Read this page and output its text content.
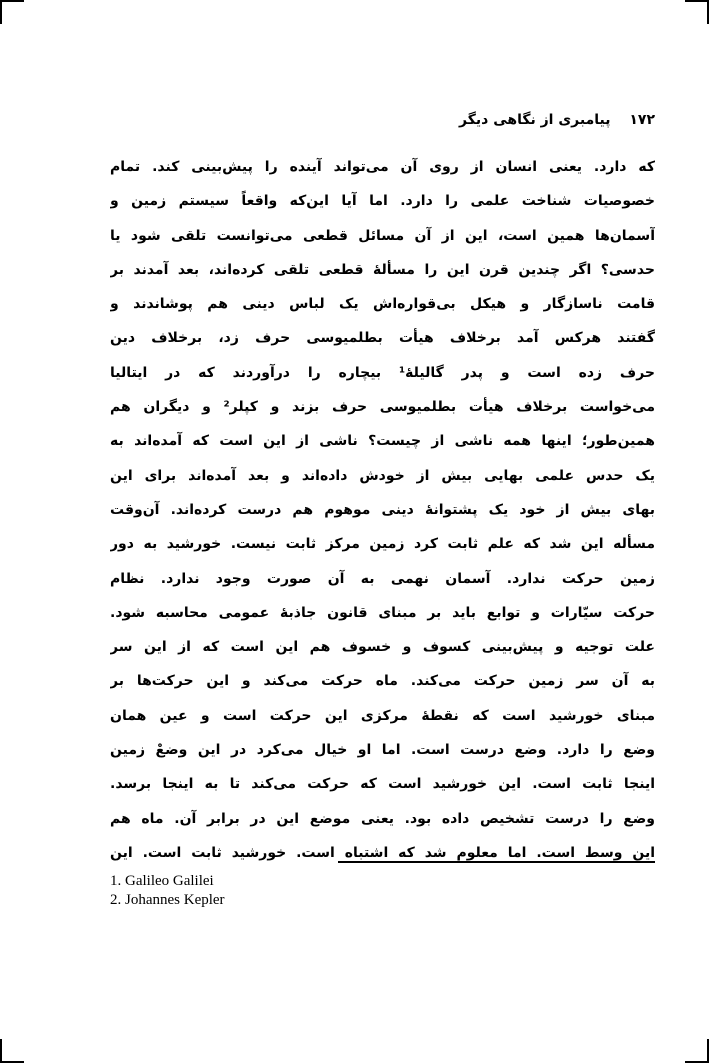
۱۷۲ پیامبری از نگاهی دیگر
که دارد. یعنی انسان از روی آن می‌تواند آینده را پیش‌بینی کند. تمام
خصوصیات شناخت علمی را دارد. اما آیا این‌که واقعاً سیستم زمین و
آسمان‌ها همین است، این از آن مسائل قطعی می‌توانست تلقی شود یا
حدسی؟ اگر چندین قرن این را مسألهٔ قطعی تلقی کرده‌اند، بعد آمدند بر
قامت ناسازگار و هیکل بی‌قواره‌اش یک لباس دینی هم پوشاندند و
گفتند هرکس آمد برخلاف هیأت بطلمیوسی حرف زد، برخلاف دین
حرف زده است و پدر گالیلهٔ¹ بیچاره را درآوردند که در ایتالیا
می‌خواست برخلاف هیأت بطلمیوسی حرف بزند و کپلر² و دیگران هم
همین‌طور؛ اینها همه ناشی از چیست؟ ناشی از این است که آمده‌اند به
یک حدس علمی بهایی بیش از خودش داده‌اند و بعد آمده‌اند برای این
بهای بیش از خود یک پشتوانهٔ دینی موهوم هم درست کرده‌اند. آن‌وقت
مسأله این شد که علم ثابت کرد زمین مرکز ثابت نیست. خورشید به دور
زمین حرکت ندارد. آسمان نهمی به آن صورت وجود ندارد. نظام
حرکت سیّارات و توابع باید بر مبنای قانون جاذبهٔ عمومی محاسبه شود.
علت توجیه و پیش‌بینی کسوف و خسوف هم این است که از این سر
به آن سر زمین حرکت می‌کند. ماه حرکت می‌کند و این حرکت‌ها بر
مبنای خورشید است که نقطهٔ مرکزی این حرکت است و عین همان
وضع را دارد. وضع درست است. اما او خیال می‌کرد در این وضعْ زمین
اینجا ثابت است. این خورشید است که حرکت می‌کند تا به اینجا برسد.
وضع را درست تشخیص داده بود. یعنی موضع این در برابر آن. ماه هم
این وسط است. اما معلوم شد که اشتباه است. خورشید ثابت است. این
1. Galileo Galilei
2. Johannes Kepler
